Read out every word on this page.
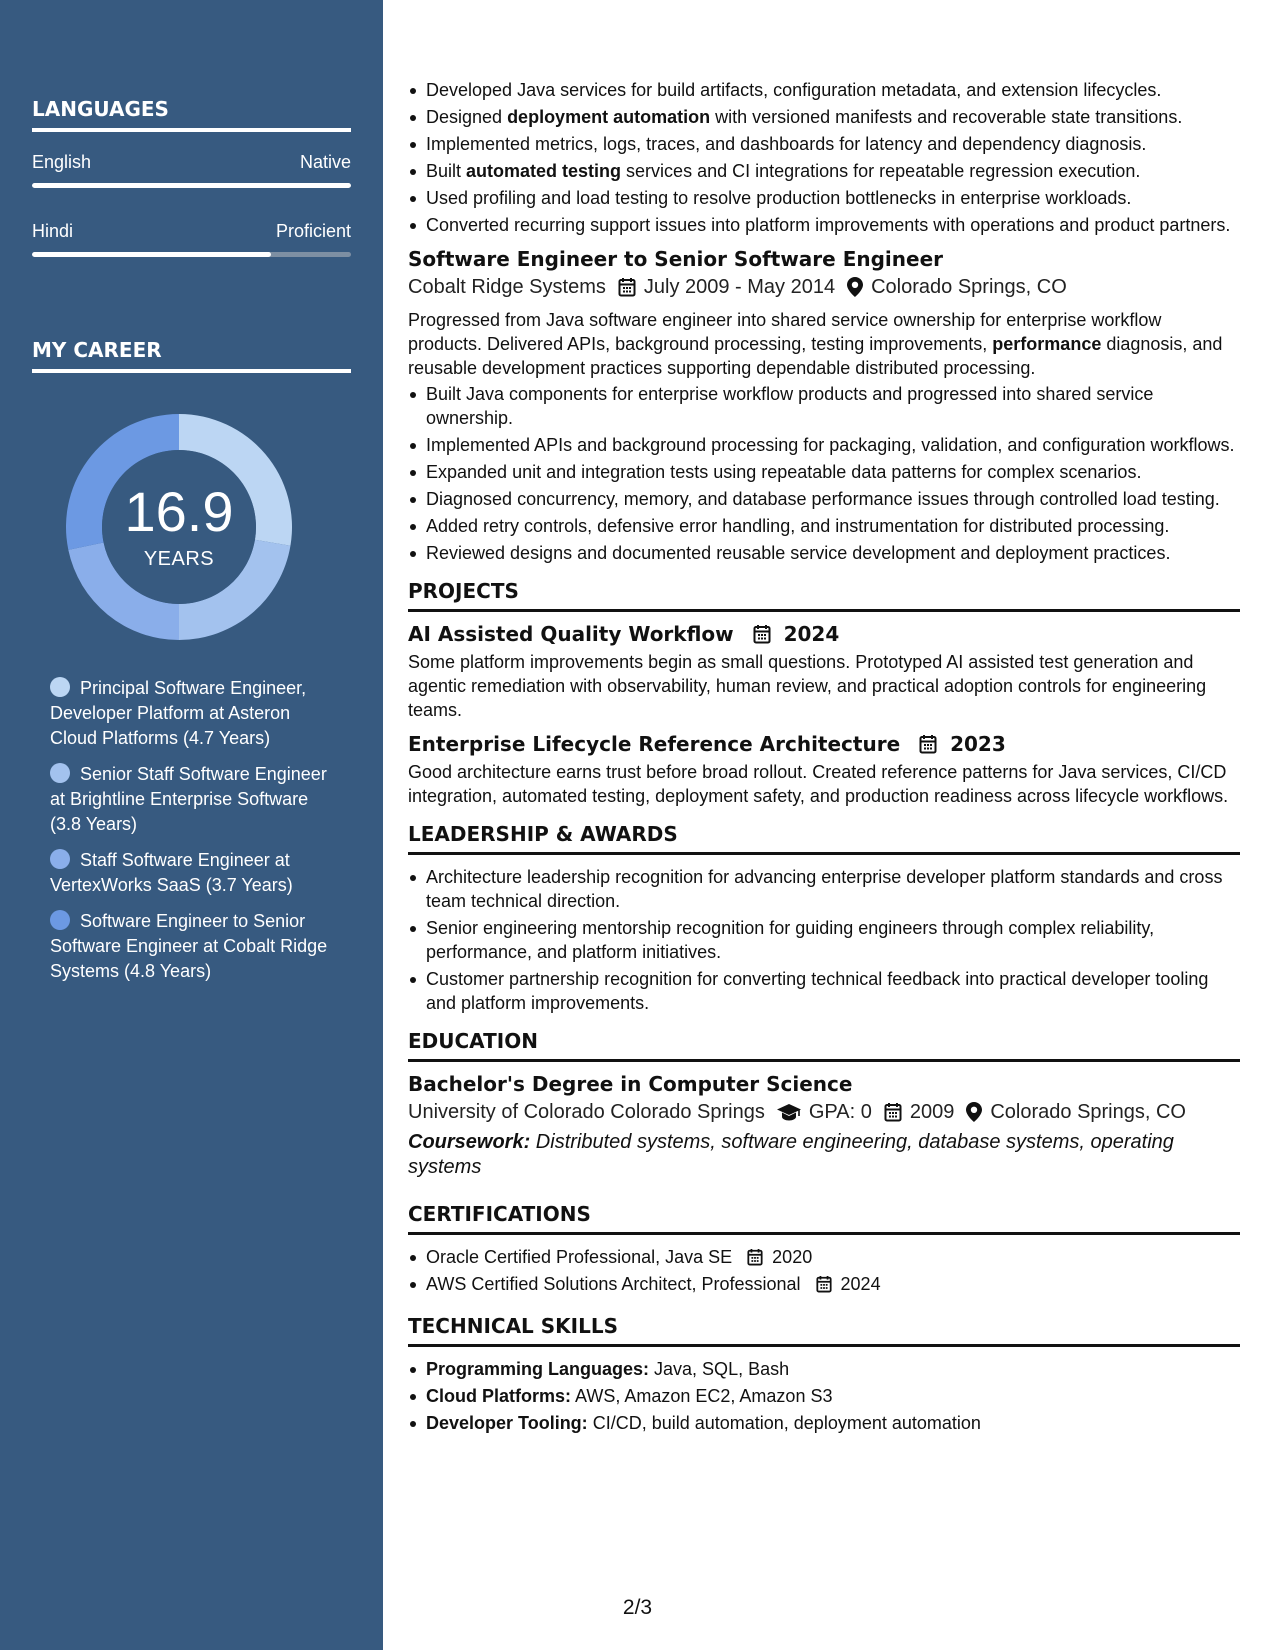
LANGUAGES
English	Native
Hindi	Proficient
MY CAREER
16.9
YEARS
Principal Software Engineer, Developer Platform at Asteron Cloud Platforms (4.7 Years)
Senior Staff Software Engineer at Brightline Enterprise Software (3.8 Years)
Staff Software Engineer at VertexWorks SaaS (3.7 Years)
Software Engineer to Senior Software Engineer at Cobalt Ridge Systems (4.8 Years)
Developed Java services for build artifacts, configuration metadata, and extension lifecycles.
Designed deployment automation with versioned manifests and recoverable state transitions.
Implemented metrics, logs, traces, and dashboards for latency and dependency diagnosis.
Built automated testing services and CI integrations for repeatable regression execution.
Used profiling and load testing to resolve production bottlenecks in enterprise workloads.
Converted recurring support issues into platform improvements with operations and product partners.
Software Engineer to Senior Software Engineer
Cobalt Ridge Systems July 2009 - May 2014 Colorado Springs, CO
Progressed from Java software engineer into shared service ownership for enterprise workflow products. Delivered APIs, background processing, testing improvements, performance diagnosis, and reusable development practices supporting dependable distributed processing.
Built Java components for enterprise workflow products and progressed into shared service ownership.
Implemented APIs and background processing for packaging, validation, and configuration workflows.
Expanded unit and integration tests using repeatable data patterns for complex scenarios.
Diagnosed concurrency, memory, and database performance issues through controlled load testing.
Added retry controls, defensive error handling, and instrumentation for distributed processing.
Reviewed designs and documented reusable service development and deployment practices.
PROJECTS
AI Assisted Quality Workflow 2024
Some platform improvements begin as small questions. Prototyped AI assisted test generation and agentic remediation with observability, human review, and practical adoption controls for engineering teams.
Enterprise Lifecycle Reference Architecture 2023
Good architecture earns trust before broad rollout. Created reference patterns for Java services, CI/CD integration, automated testing, deployment safety, and production readiness across lifecycle workflows.
LEADERSHIP & AWARDS
Architecture leadership recognition for advancing enterprise developer platform standards and cross team technical direction.
Senior engineering mentorship recognition for guiding engineers through complex reliability, performance, and platform initiatives.
Customer partnership recognition for converting technical feedback into practical developer tooling and platform improvements.
EDUCATION
Bachelor's Degree in Computer Science
University of Colorado Colorado Springs GPA: 0 2009 Colorado Springs, CO
Coursework: Distributed systems, software engineering, database systems, operating systems
CERTIFICATIONS
Oracle Certified Professional, Java SE 2020
AWS Certified Solutions Architect, Professional 2024
TECHNICAL SKILLS
Programming Languages: Java, SQL, Bash
Cloud Platforms: AWS, Amazon EC2, Amazon S3
Developer Tooling: CI/CD, build automation, deployment automation
2/3
